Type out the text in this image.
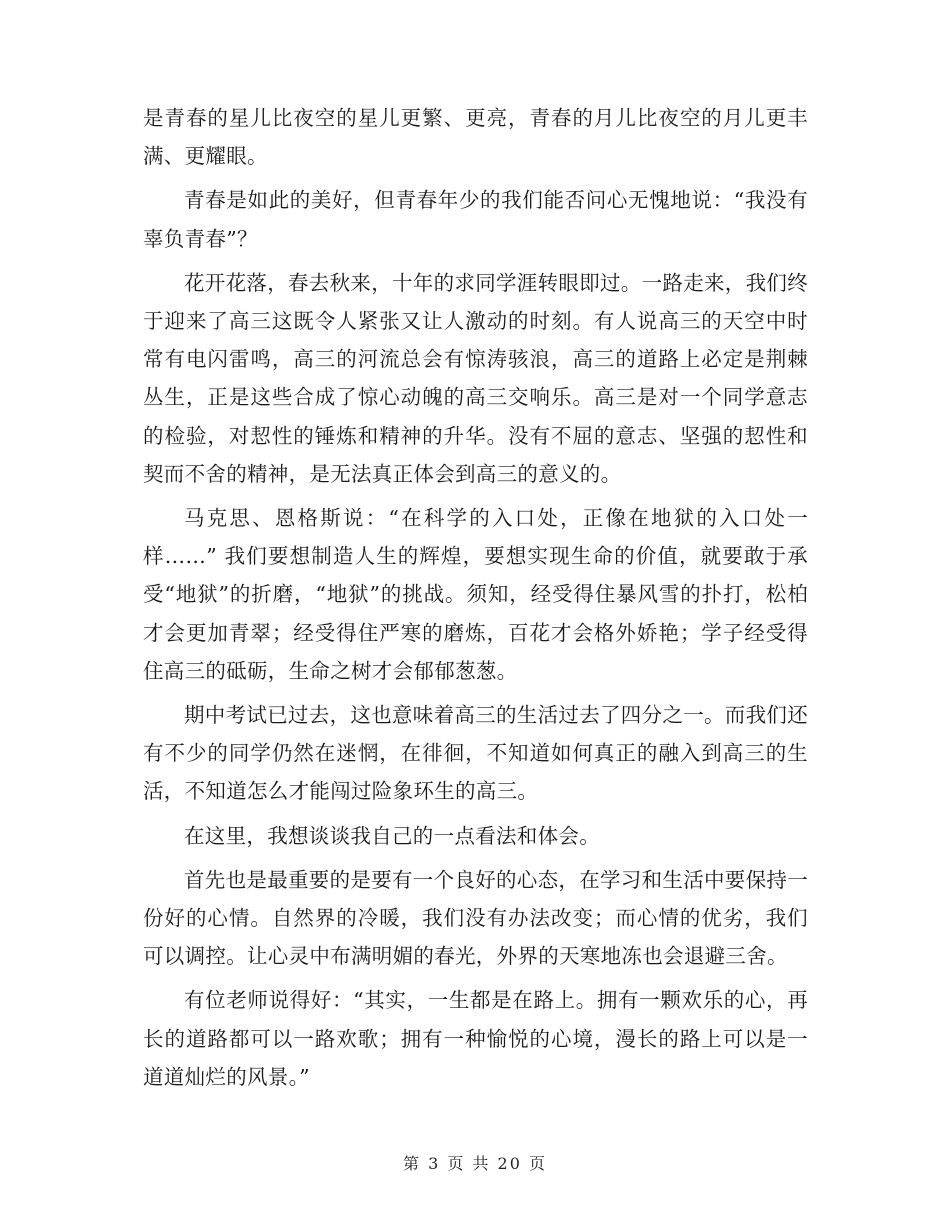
是青春的星儿比夜空的星儿更繁、更亮，青春的月儿比夜空的月儿更丰满、更耀眼。

青春是如此的美好，但青春年少的我们能否问心无愧地说：“我没有辜负青春”？

花开花落，春去秋来，十年的求同学涯转眼即过。一路走来，我们终于迎来了高三这既令人紧张又让人激动的时刻。有人说高三的天空中时常有电闪雷鸣，高三的河流总会有惊涛骇浪，高三的道路上必定是荆棘丛生，正是这些合成了惊心动魄的高三交响乐。高三是对一个同学意志的检验，对恝性的锤炼和精神的升华。没有不屈的意志、坚强的恝性和契而不舍的精神，是无法真正体会到高三的意义的。

马克思、恩格斯说：“在科学的入口处，正像在地狱的入口处一样……” 我们要想制造人生的辉煌，要想实现生命的价值，就要敢于承受“地狱”的折磨，“地狱”的挑战。须知，经受得住暴风雪的扑打，松柏才会更加青翠；经受得住严寒的磨炼，百花才会格外娇艳；学子经受得住高三的砥砺，生命之树才会郁郁葱葱。

期中考试已过去，这也意味着高三的生活过去了四分之一。而我们还有不少的同学仍然在迷惘，在徘徊，不知道如何真正的融入到高三的生活，不知道怎么才能闯过险象环生的高三。

在这里，我想谈谈我自己的一点看法和体会。

首先也是最重要的是要有一个良好的心态，在学习和生活中要保持一份好的心情。自然界的冷暖，我们没有办法改变；而心情的优劣，我们可以调控。让心灵中布满明媚的春光，外界的天寒地冻也会退避三舍。

有位老师说得好：“其实，一生都是在路上。拥有一颗欢乐的心，再长的道路都可以一路欢歌；拥有一种愉悦的心境，漫长的路上可以是一道道灿烂的风景。”

第 3 页 共 20 页
